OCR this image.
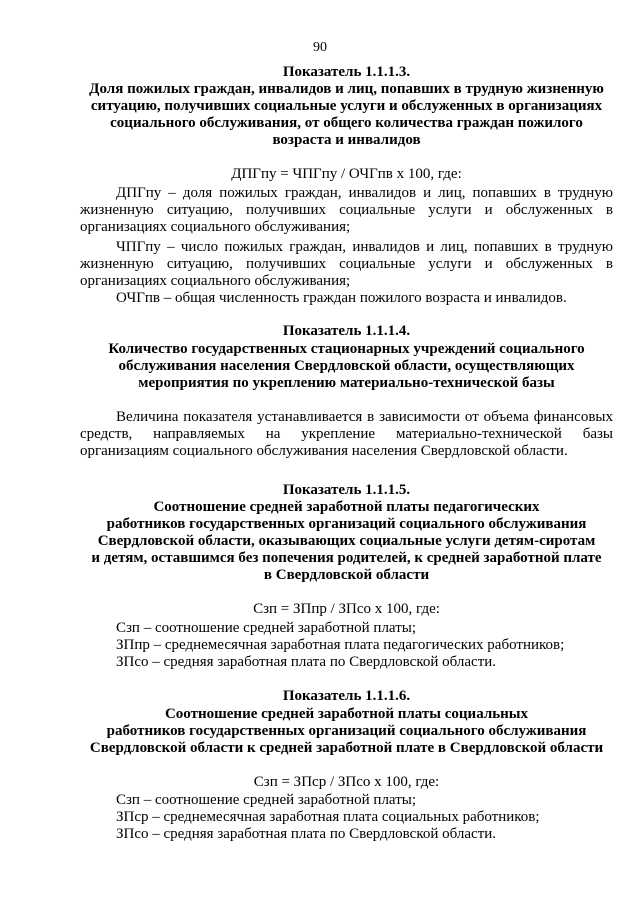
90
Показатель 1.1.1.3.

Доля пожилых граждан, инвалидов и лиц, попавших в трудную жизненную

ситуацию, получивших социальные услуги и обслуженных в организациях

социального обслуживания, от общего количества граждан пожилого

возраста и инвалидов

ДПГпу = ЧПГпу / ОЧГпв х 100, где:
ДПГпу – доля пожилых граждан, инвалидов и лиц, попавших в трудную жизненную ситуацию, получивших социальные услуги и обслуженных в организациях социального обслуживания;
ЧПГпу – число пожилых граждан, инвалидов и лиц, попавших в трудную жизненную ситуацию, получивших социальные услуги и обслуженных в организациях социального обслуживания;
ОЧГпв – общая численность граждан пожилого возраста и инвалидов.
Показатель 1.1.1.4.

Количество государственных стационарных учреждений социального

обслуживания населения Свердловской области, осуществляющих

мероприятия по укреплению материально-технической базы

Величина показателя устанавливается в зависимости от объема финансовых средств, направляемых на укрепление материально-технической базы организациям социального обслуживания населения Свердловской области.
Показатель 1.1.1.5.

Соотношение средней заработной платы педагогических

работников государственных организаций социального обслуживания

Свердловской области, оказывающих социальные услуги детям-сиротам

и детям, оставшимся без попечения родителей, к средней заработной плате

в Свердловской области

Сзп = ЗПпр / ЗПсо х 100, где:

Сзп – соотношение средней заработной платы;

ЗПпр – среднемесячная заработная плата педагогических работников;

ЗПсо – средняя заработная плата по Свердловской области.

Показатель 1.1.1.6.

Соотношение средней заработной платы социальных

работников государственных организаций социального обслуживания

Свердловской области к средней заработной плате в Свердловской области

Сзп = ЗПср / ЗПсо х 100, где:

Сзп – соотношение средней заработной платы;

ЗПср – среднемесячная заработная плата социальных работников;

ЗПсо – средняя заработная плата по Свердловской области.
